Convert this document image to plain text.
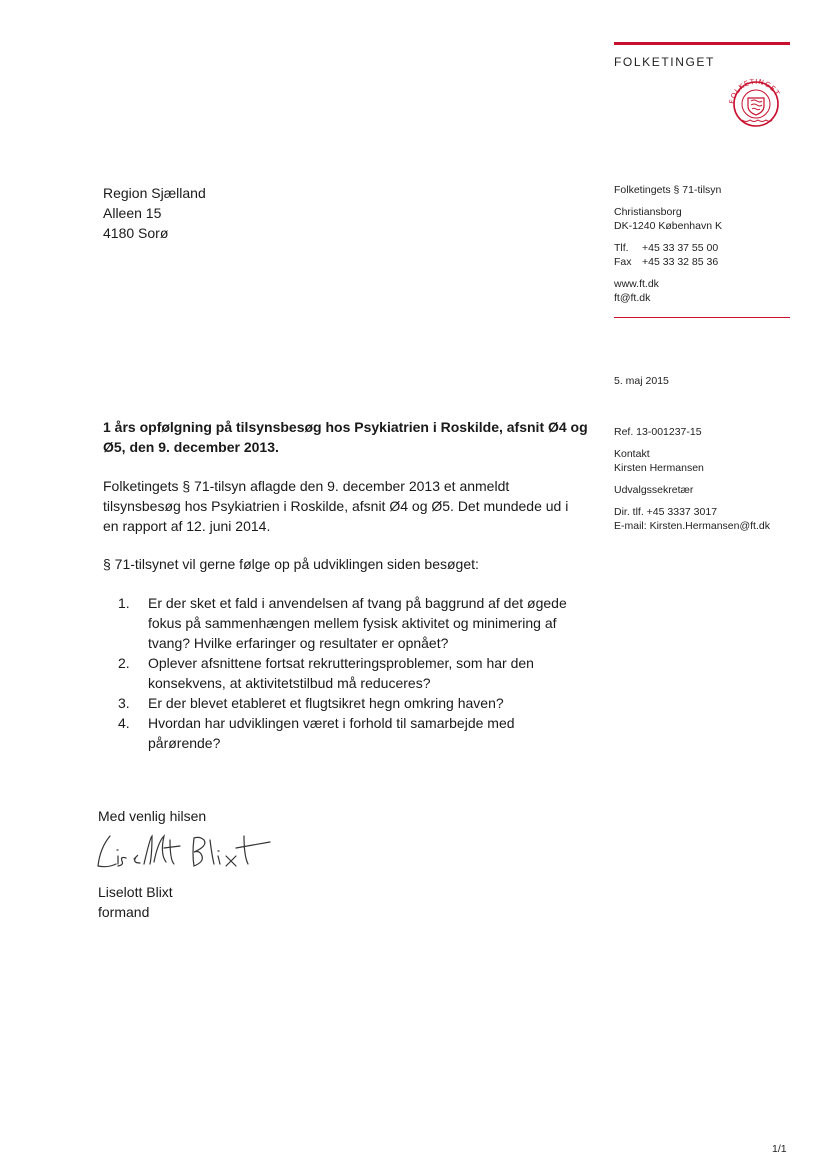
FOLKETINGET
FOLKETINGET
Region Sjælland
Alleen 15
4180 Sorø
Folketingets § 71-tilsyn
Christiansborg
DK-1240 København K
Tlf.	+45 33 37 55 00
Fax +45 33 32 85 36
www.ft.dk
ft@ft.dk
5. maj 2015
Ref. 13-001237-15
Kontakt
Kirsten Hermansen
Udvalgssekretær
Dir. tlf. +45 3337 3017
E-mail: Kirsten.Hermansen@ft.dk
1 års opfølgning på tilsynsbesøg hos Psykiatrien i Roskilde, afsnit Ø4 og Ø5, den 9. december 2013.
Folketingets § 71-tilsyn aflagde den 9. december 2013 et anmeldt tilsynsbesøg hos Psykiatrien i Roskilde, afsnit Ø4 og Ø5. Det mundede ud i en rapport af 12. juni 2014.
§ 71-tilsynet vil gerne følge op på udviklingen siden besøget:
1.	Er der sket et fald i anvendelsen af tvang på baggrund af det øgede fokus på sammenhængen mellem fysisk aktivitet og minimering af tvang? Hvilke erfaringer og resultater er opnået?
2.	Oplever afsnittene fortsat rekrutteringsproblemer, som har den konsekvens, at aktivitetstilbud må reduceres?
3.	Er der blevet etableret et flugtsikret hegn omkring haven?
4.	Hvordan har udviklingen været i forhold til samarbejde med pårørende?
Med venlig hilsen
Liselott Blixt
formand
1/1
